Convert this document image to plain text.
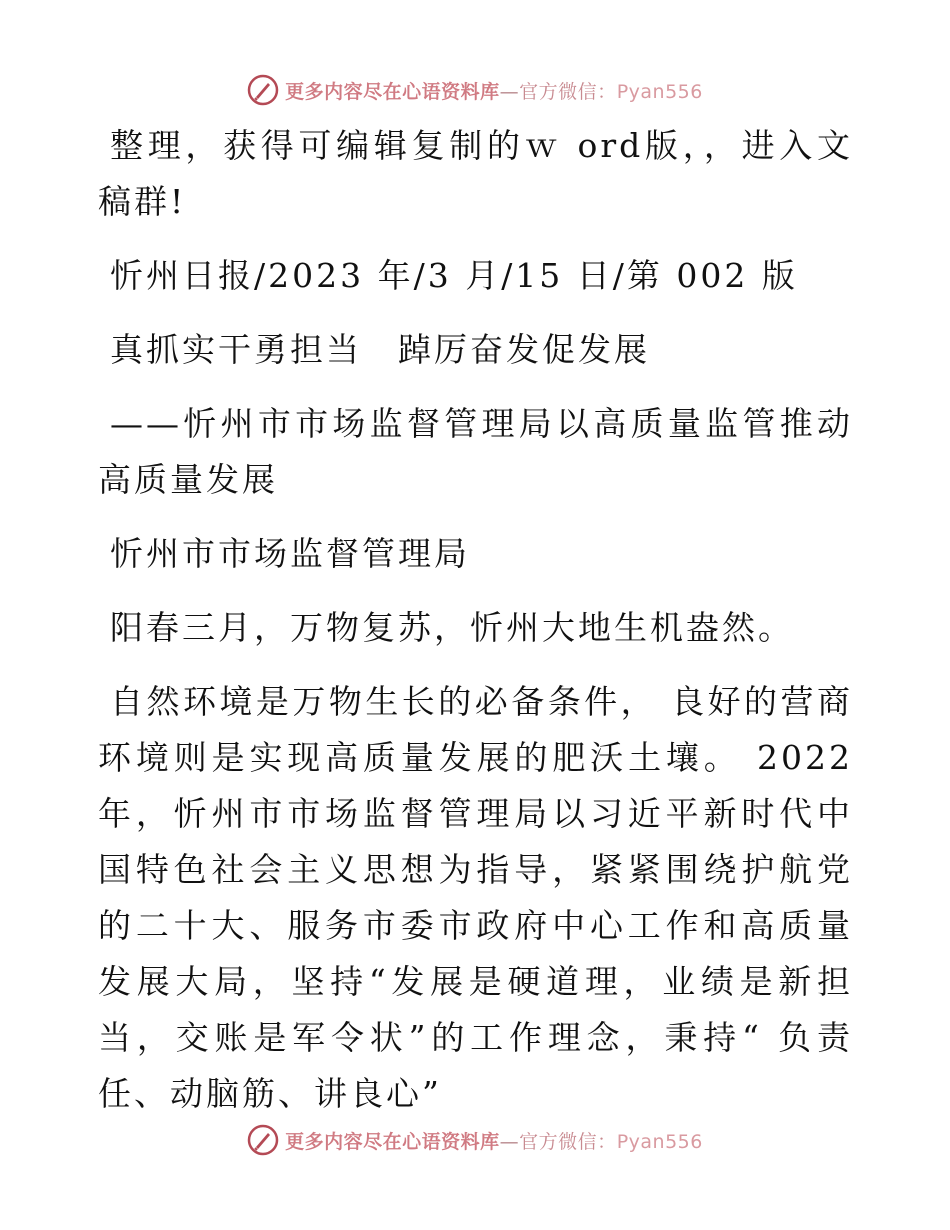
更多内容尽在心语资料库—官方微信：Pyan556

整理，获得可编辑复制的ｗ ord版，，进入文稿群!

忻州日报/2023 年/3 月/15 日/第 002 版

真抓实干勇担当　踔厉奋发促发展

——忻州市市场监督管理局以高质量监管推动高质量发展

忻州市市场监督管理局

阳春三月，万物复苏，忻州大地生机盎然。

自然环境是万物生长的必备条件， 良好的营商环境则是实现高质量发展的肥沃土壤。 2022 年，忻州市市场监督管理局以习近平新时代中国特色社会主义思想为指导，紧紧围绕护航党的二十大、服务市委市政府中心工作和高质量发展大局，坚持“发展是硬道理，业绩是新担当，交账是军令状”的工作理念，秉持“ 负责任、动脑筋、讲良心”

更多内容尽在心语资料库—官方微信：Pyan556
